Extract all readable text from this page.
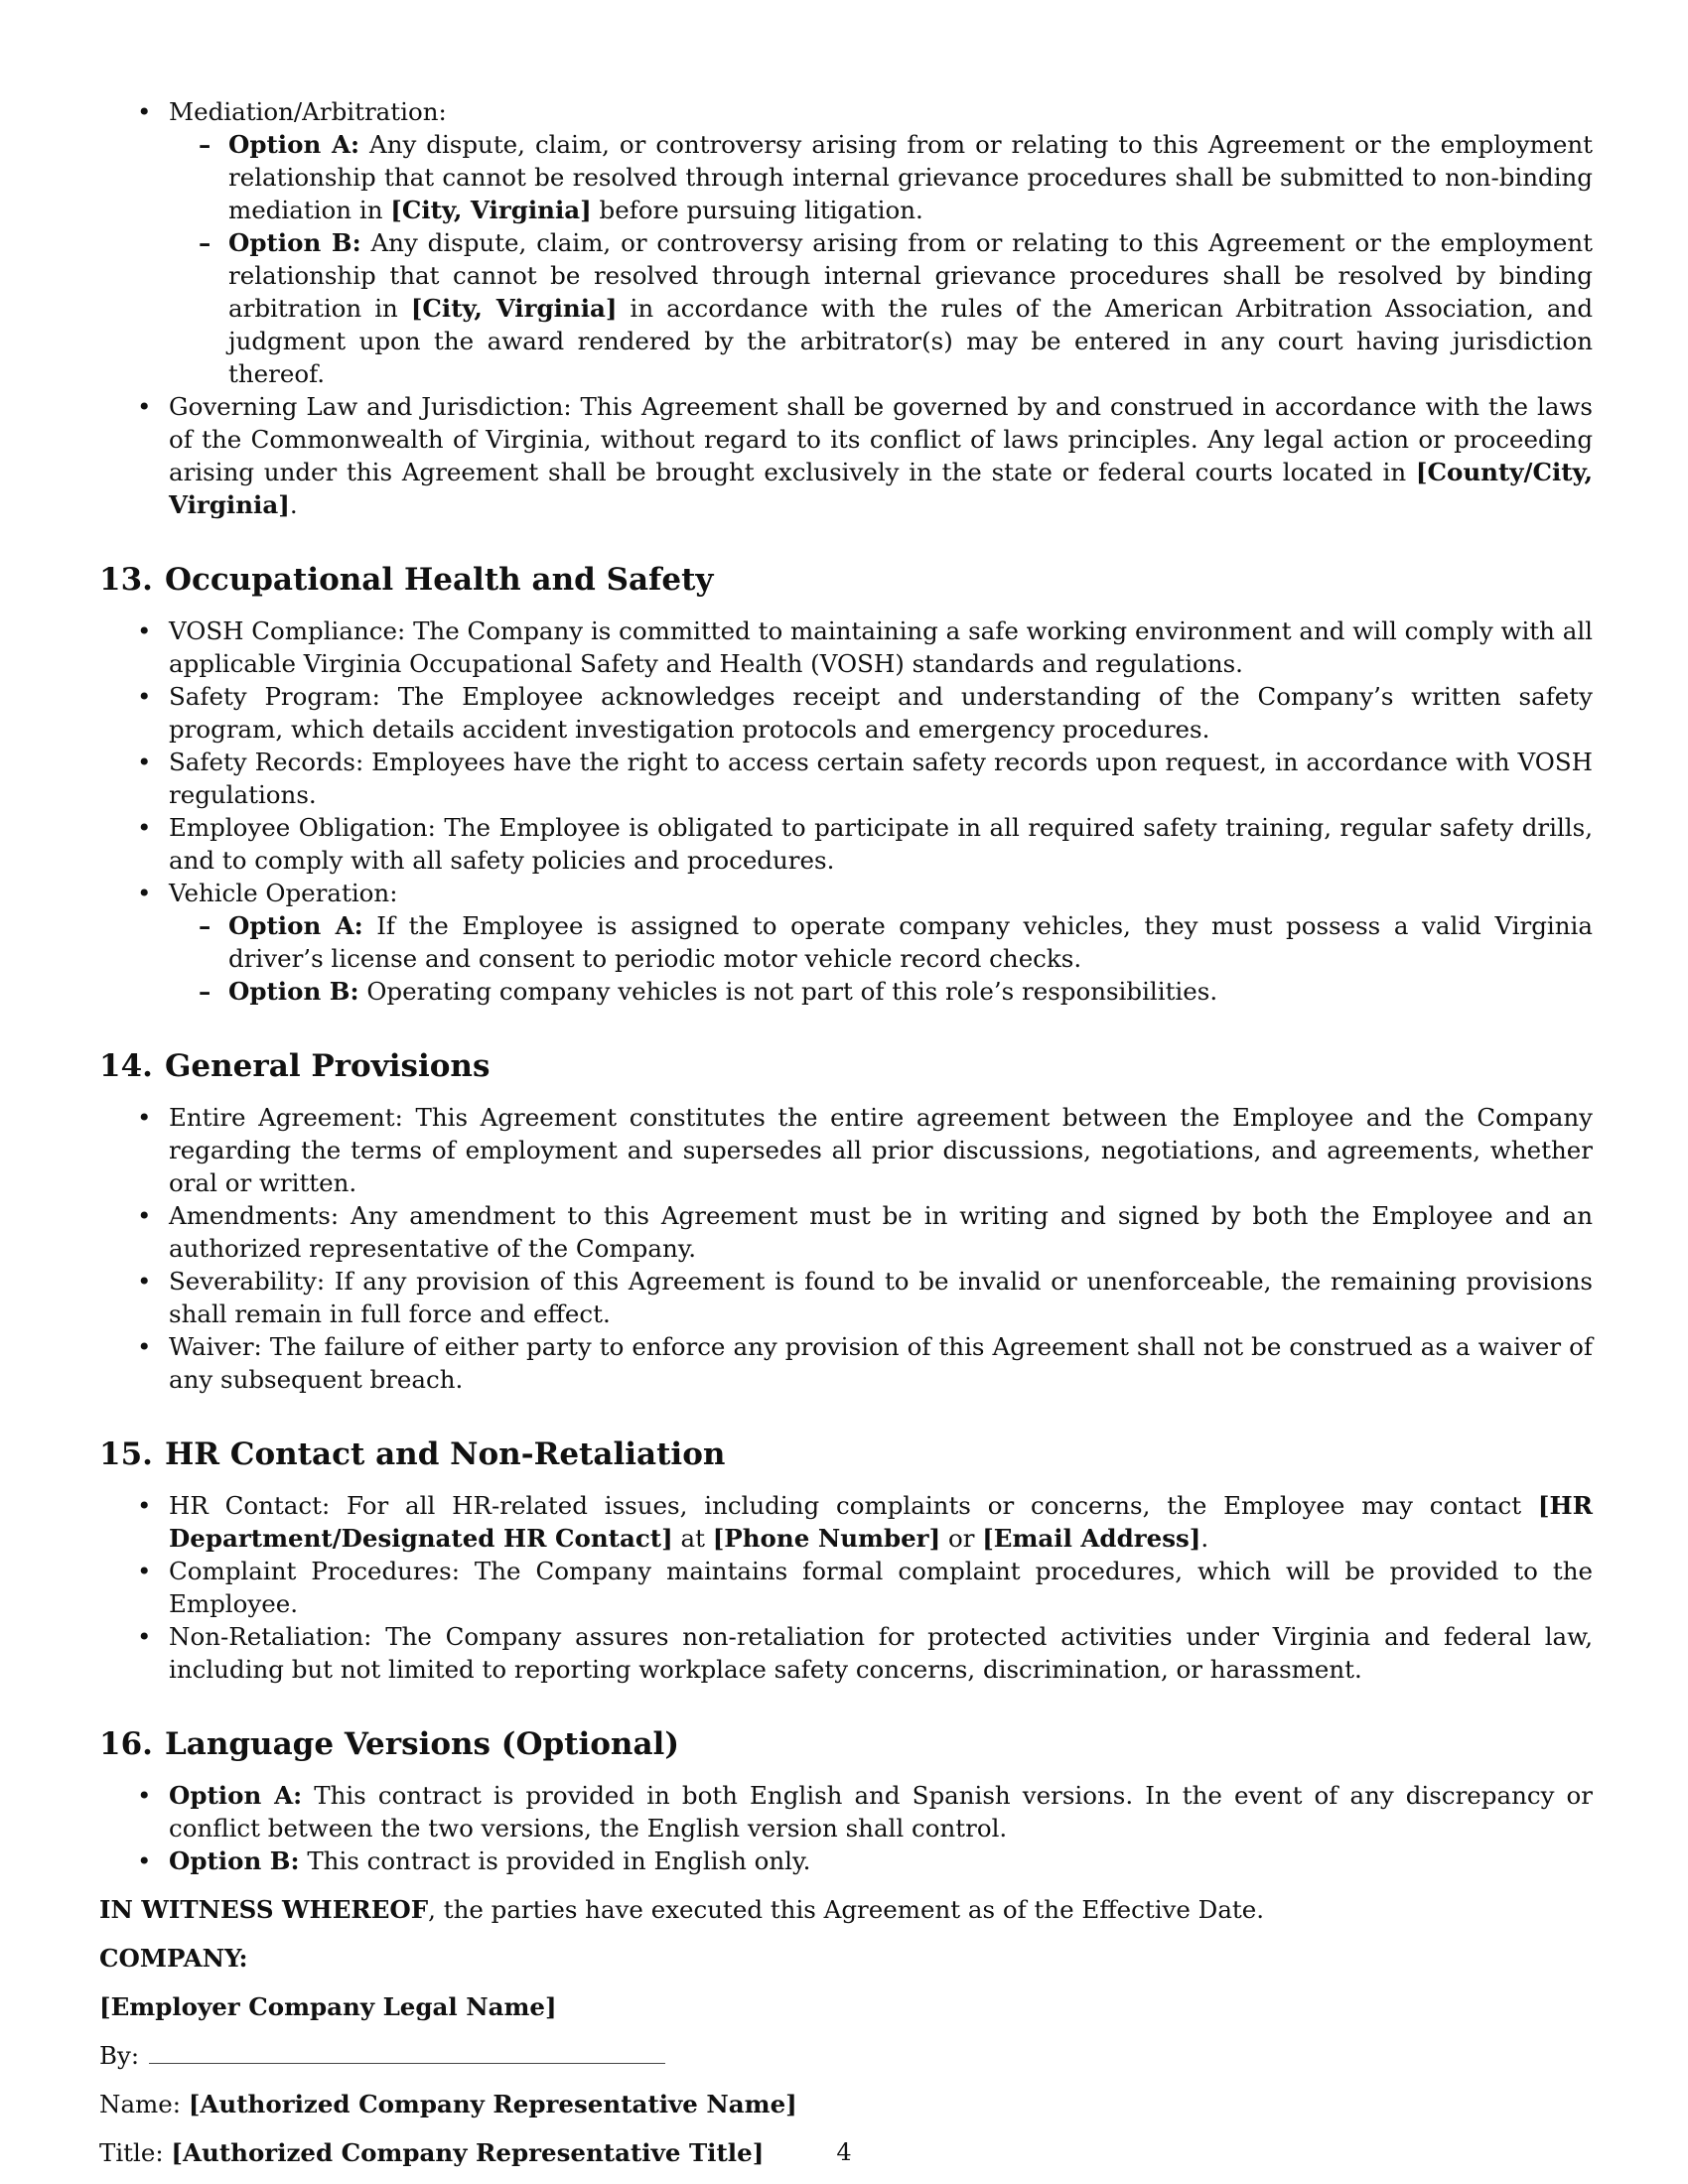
• Mediation/Arbitration:
– Option A: Any dispute, claim, or controversy arising from or relating to this Agreement or the employment relationship that cannot be resolved through internal grievance procedures shall be submitted to non-binding mediation in [City, Virginia] before pursuing litigation.
– Option B: Any dispute, claim, or controversy arising from or relating to this Agreement or the employment relationship that cannot be resolved through internal grievance procedures shall be resolved by binding arbitration in [City, Virginia] in accordance with the rules of the American Arbitration Association, and judgment upon the award rendered by the arbitrator(s) may be entered in any court having jurisdiction thereof.
• Governing Law and Jurisdiction: This Agreement shall be governed by and construed in accordance with the laws of the Commonwealth of Virginia, without regard to its conflict of laws principles. Any legal action or proceeding arising under this Agreement shall be brought exclusively in the state or federal courts located in [County/City, Virginia].
13. Occupational Health and Safety
• VOSH Compliance: The Company is committed to maintaining a safe working environment and will comply with all applicable Virginia Occupational Safety and Health (VOSH) standards and regulations.
• Safety Program: The Employee acknowledges receipt and understanding of the Company’s written safety program, which details accident investigation protocols and emergency procedures.
• Safety Records: Employees have the right to access certain safety records upon request, in accordance with VOSH regulations.
• Employee Obligation: The Employee is obligated to participate in all required safety training, regular safety drills, and to comply with all safety policies and procedures.
• Vehicle Operation:
– Option A: If the Employee is assigned to operate company vehicles, they must possess a valid Virginia driver’s license and consent to periodic motor vehicle record checks.
– Option B: Operating company vehicles is not part of this role’s responsibilities.
14. General Provisions
• Entire Agreement: This Agreement constitutes the entire agreement between the Employee and the Company regarding the terms of employment and supersedes all prior discussions, negotiations, and agreements, whether oral or written.
• Amendments: Any amendment to this Agreement must be in writing and signed by both the Employee and an authorized representative of the Company.
• Severability: If any provision of this Agreement is found to be invalid or unenforceable, the remaining provisions shall remain in full force and effect.
• Waiver: The failure of either party to enforce any provision of this Agreement shall not be construed as a waiver of any subsequent breach.
15. HR Contact and Non-Retaliation
• HR Contact: For all HR-related issues, including complaints or concerns, the Employee may contact [HR Department/Designated HR Contact] at [Phone Number] or [Email Address].
• Complaint Procedures: The Company maintains formal complaint procedures, which will be provided to the Employee.
• Non-Retaliation: The Company assures non-retaliation for protected activities under Virginia and federal law, including but not limited to reporting workplace safety concerns, discrimination, or harassment.
16. Language Versions (Optional)
• Option A: This contract is provided in both English and Spanish versions. In the event of any discrepancy or conflict between the two versions, the English version shall control.
• Option B: This contract is provided in English only.

IN WITNESS WHEREOF, the parties have executed this Agreement as of the Effective Date.

COMPANY:

[Employer Company Legal Name]

By:

Name: [Authorized Company Representative Name]

Title: [Authorized Company Representative Title]	4
